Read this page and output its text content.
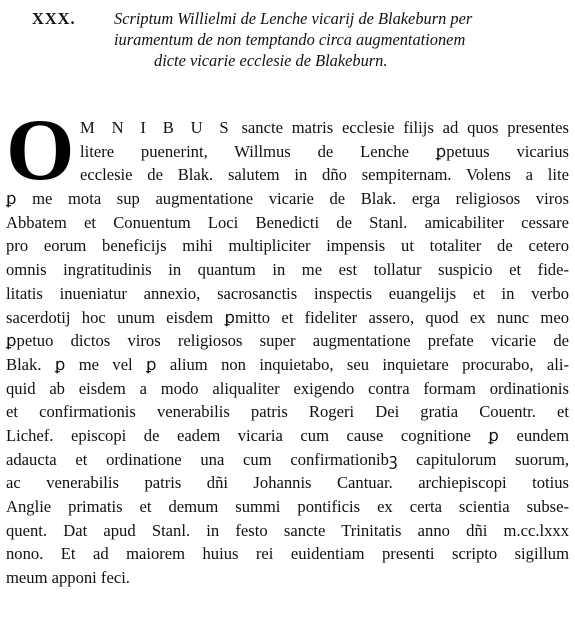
XXX.	Scriptum Willielmi de Lenche vicarij de Blakeburn per
iuramentum de non temptando circa augmentationem
dicte vicarie ecclesie de Blakeburn.
O M N I B U S sancte matris ecclesie filijs ad quos presentes
litere puenerint, Willmus de Lenche ꝑpetuus vicarius
ecclesie de Blak. salutem in dño sempiternam. Volens a lite
ꝑ me mota sup augmentatione vicarie de Blak. erga religiosos viros
Abbatem et Conuentum Loci Benedicti de Stanl. amicabiliter cessare
pro eorum beneficijs mihi multipliciter impensis ut totaliter de cetero
omnis ingratitudinis in quantum in me est tollatur suspicio et fide-
litatis inueniatur annexio, sacrosanctis inspectis euangelijs et in verbo
sacerdotij hoc unum eisdem ꝑmitto et fideliter assero, quod ex nunc meo
ꝑpetuo dictos viros religiosos super augmentatione prefate vicarie de
Blak. ꝑ me vel ꝑ alium non inquietabo, seu inquietare procurabo, ali-
quid ab eisdem a modo aliqualiter exigendo contra formam ordinationis
et confirmationis venerabilis patris Rogeri Dei gratia Couentr. et
Lichef. episcopi de eadem vicaria cum cause cognitione ꝑ eundem
adaucta et ordinatione una cum confirmationibꝫ capitulorum suorum,
ac venerabilis patris dñi Johannis Cantuar. archiepiscopi totius
Anglie primatis et demum summi pontificis ex certa scientia subse-
quent. Dat apud Stanl. in festo sancte Trinitatis anno dñi m.cc.lxxx
nono. Et ad maiorem huius rei euidentiam presenti scripto sigillum
meum apponi feci.
